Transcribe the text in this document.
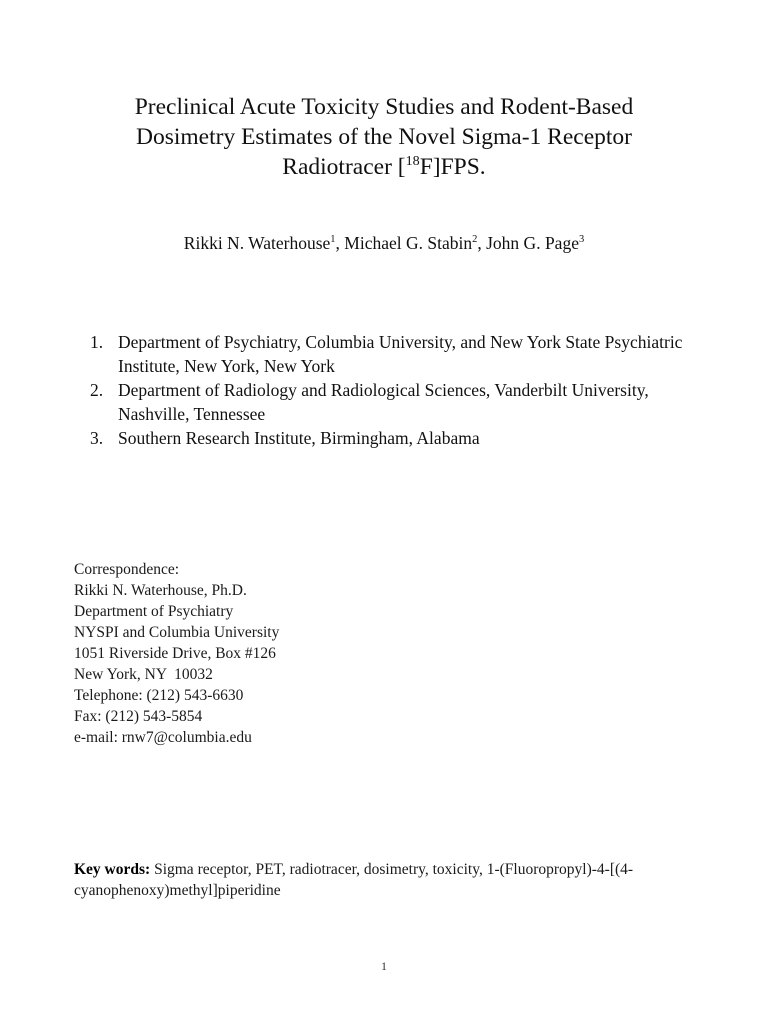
Preclinical Acute Toxicity Studies and Rodent-Based
Dosimetry Estimates of the Novel Sigma-1 Receptor
Radiotracer [$^{18}$F]FPS.
Rikki N. Waterhouse$^1$, Michael G. Stabin$^2$, John G. Page$^3$
1. Department of Psychiatry, Columbia University, and New York State Psychiatric Institute, New York, New York
2. Department of Radiology and Radiological Sciences, Vanderbilt University, Nashville, Tennessee
3. Southern Research Institute, Birmingham, Alabama
Correspondence:
Rikki N. Waterhouse, Ph.D.
Department of Psychiatry
NYSPI and Columbia University
1051 Riverside Drive, Box #126
New York, NY  10032
Telephone: (212) 543-6630
Fax: (212) 543-5854
e-mail: rnw7@columbia.edu
Key words: Sigma receptor, PET, radiotracer, dosimetry, toxicity, 1-(Fluoropropyl)-4-[(4-cyanophenoxy)methyl]piperidine
1
